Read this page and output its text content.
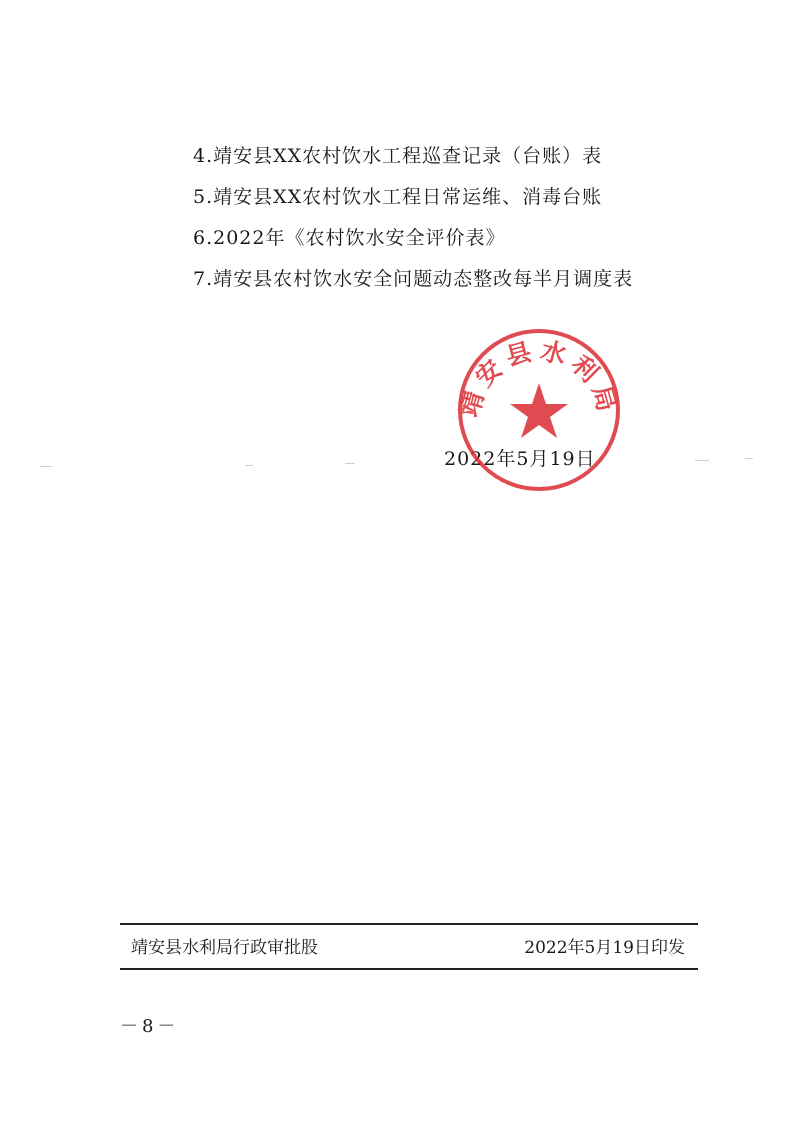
4.靖安县XX农村饮水工程巡查记录（台账）表
5.靖安县XX农村饮水工程日常运维、消毒台账
6.2022年《农村饮水安全评价表》
7.靖安县农村饮水安全问题动态整改每半月调度表
2022年5月19日
靖安县水利局
靖安县水利局行政审批股	2022年5月19日印发
－8－
